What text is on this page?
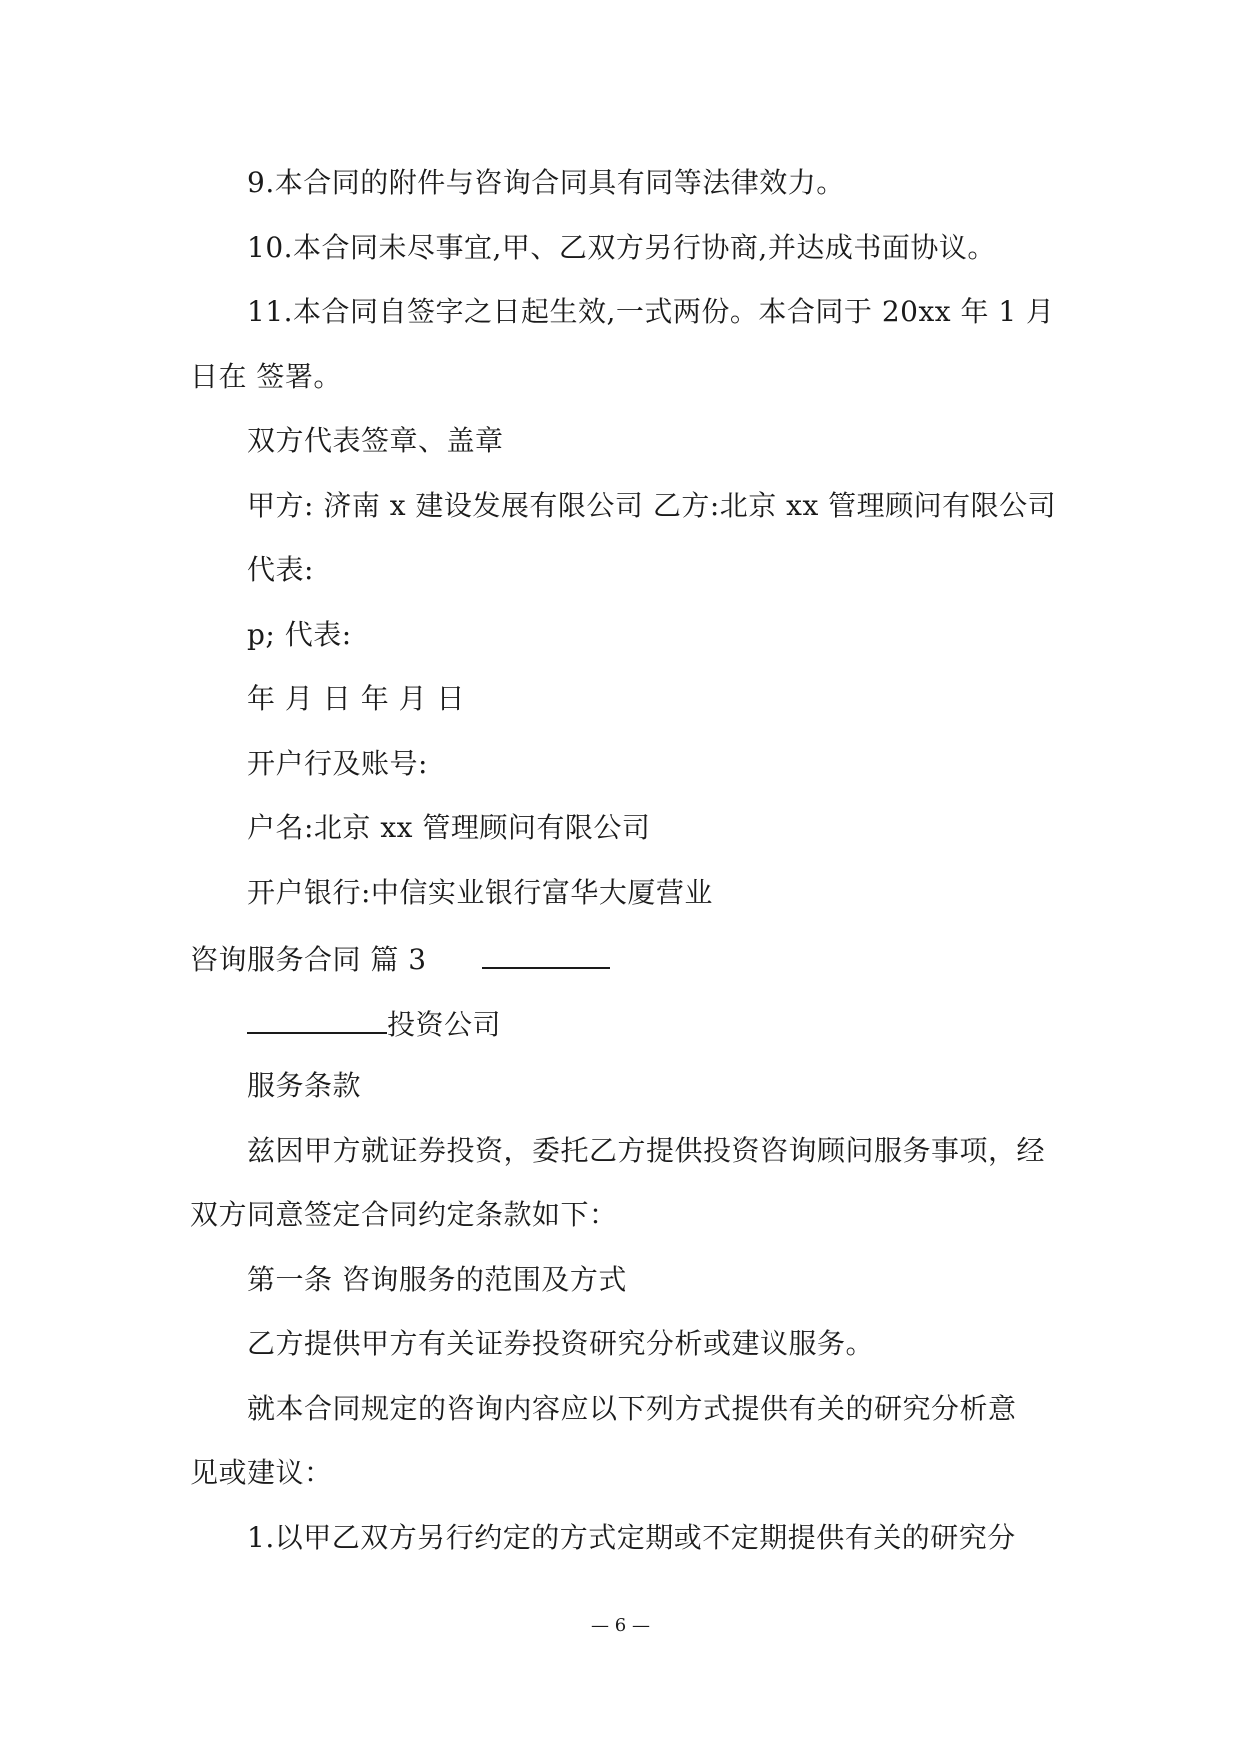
9.本合同的附件与咨询合同具有同等法律效力。
10.本合同未尽事宜,甲、乙双方另行协商,并达成书面协议。
11.本合同自签字之日起生效,一式两份。本合同于 20xx 年 1 月
日在 签署。
双方代表签章、盖章
甲方: 济南 x 建设发展有限公司 乙方:北京 xx 管理顾问有限公司
代表:
p; 代表:
年 月 日 年 月 日
开户行及账号:
户名:北京 xx 管理顾问有限公司
开户银行:中信实业银行富华大厦营业
咨询服务合同 篇 3
投资公司
服务条款
兹因甲方就证券投资，委托乙方提供投资咨询顾问服务事项，经
双方同意签定合同约定条款如下：
第一条 咨询服务的范围及方式
乙方提供甲方有关证券投资研究分析或建议服务。
就本合同规定的咨询内容应以下列方式提供有关的研究分析意
见或建议：
1.以甲乙双方另行约定的方式定期或不定期提供有关的研究分
— 6 —
